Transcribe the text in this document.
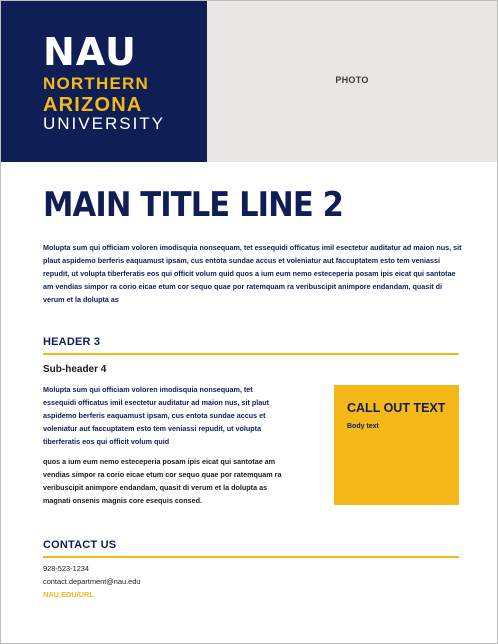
NAU
NORTHERN
ARIZONA
UNIVERSITY
PHOTO
MAIN TITLE LINE 2

Molupta sum qui officiam voloren imodisquia nonsequam, tet essequidi officatus imil esectetur auditatur ad maion nus, sit plaut aspidemo berferis eaquamust ipsam, cus entota sundae accus et voleniatur aut faccuptatem esto tem veniassi repudit, ut volupta tiberferatis eos qui officit volum quid quos a ium eum nemo esteceperia posam ipis eicat qui santotae am vendias simpor ra corio eicae etum cor sequo quae por ratemquam ra veribuscipit animpore endandam, quasit di verum et la dolupta as

HEADER 3
Sub-header 4

Molupta sum qui officiam voloren imodisquia nonsequam, tet essequidi officatus imil esectetur auditatur ad maion nus, sit plaut aspidemo berferis eaquamust ipsam, cus entota sundae accus et voleniatur aut faccuptatem esto tem veniassi repudit, ut volupta tiberferatis eos qui officit volum quid

quos a ium eum nemo esteceperia posam ipis eicat qui santotae am vendias simpor ra corio eicae etum cor sequo quae por ratemquam ra veribuscipit animpore endandam, quasit di verum et la dolupta as magnati onsenis magnis core esequis consed.

CALL OUT TEXT
Body text
CONTACT US
928-523-1234
contact.department@nau.edu
NAU.EDU/URL
